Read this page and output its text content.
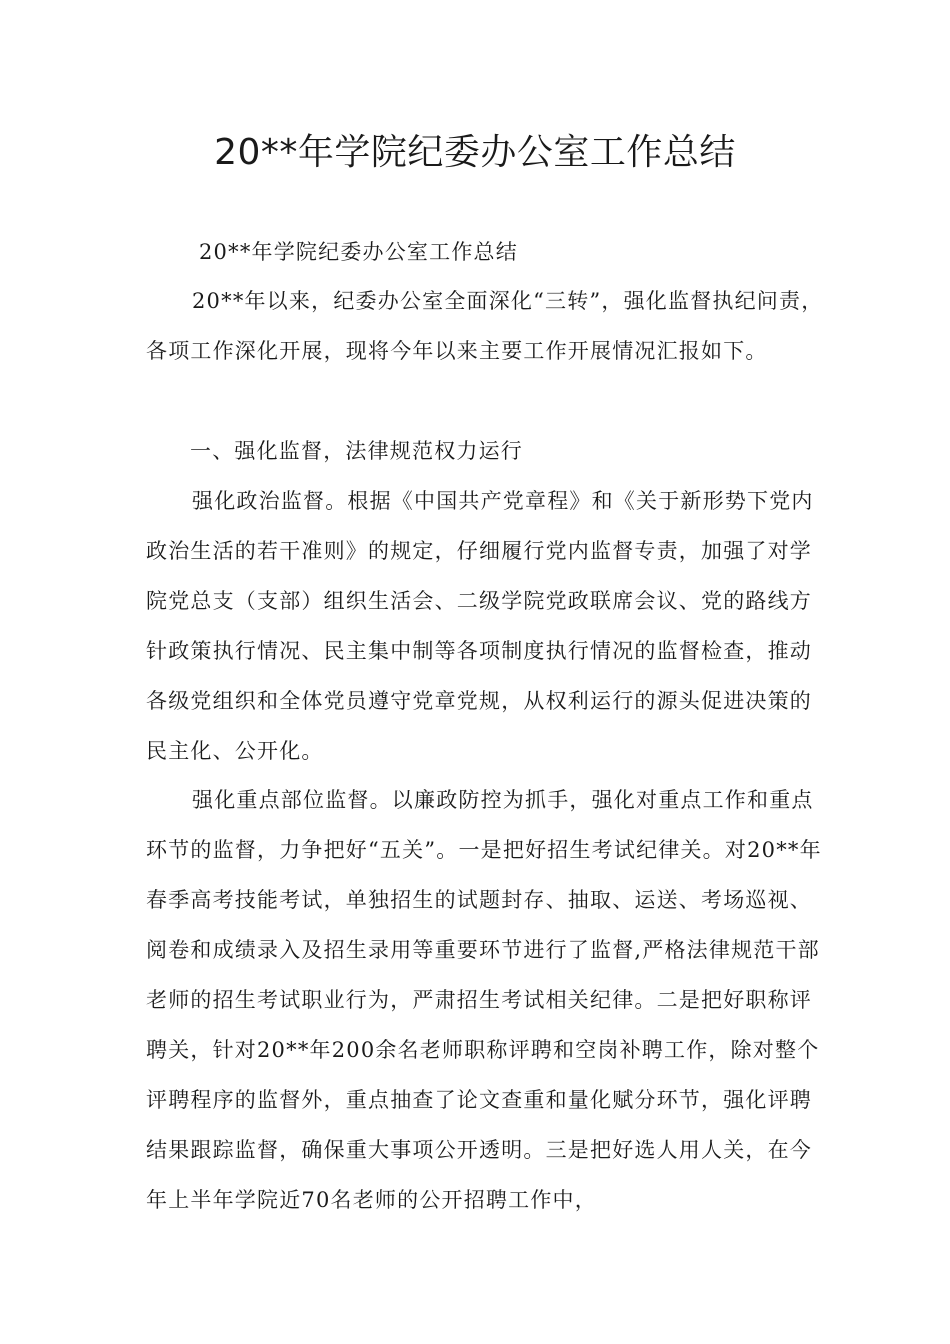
20**年学院纪委办公室工作总结

20**年学院纪委办公室工作总结

20**年以来，纪委办公室全面深化“三转”，强化监督执纪问责，各项工作深化开展，现将今年以来主要工作开展情况汇报如下。

一、强化监督，法律规范权力运行

强化政治监督。根据《中国共产党章程》和《关于新形势下党内政治生活的若干准则》的规定，仔细履行党内监督专责，加强了对学院党总支（支部）组织生活会、二级学院党政联席会议、党的路线方针政策执行情况、民主集中制等各项制度执行情况的监督检查，推动各级党组织和全体党员遵守党章党规，从权利运行的源头促进决策的民主化、公开化。

强化重点部位监督。以廉政防控为抓手，强化对重点工作和重点环节的监督，力争把好“五关”。一是把好招生考试纪律关。对20**年春季高考技能考试，单独招生的试题封存、抽取、运送、考场巡视、阅卷和成绩录入及招生录用等重要环节进行了监督,严格法律规范干部老师的招生考试职业行为，严肃招生考试相关纪律。二是把好职称评聘关，针对20**年200余名老师职称评聘和空岗补聘工作，除对整个评聘程序的监督外，重点抽查了论文查重和量化赋分环节，强化评聘结果跟踪监督，确保重大事项公开透明。三是把好选人用人关，在今年上半年学院近70名老师的公开招聘工作中，
